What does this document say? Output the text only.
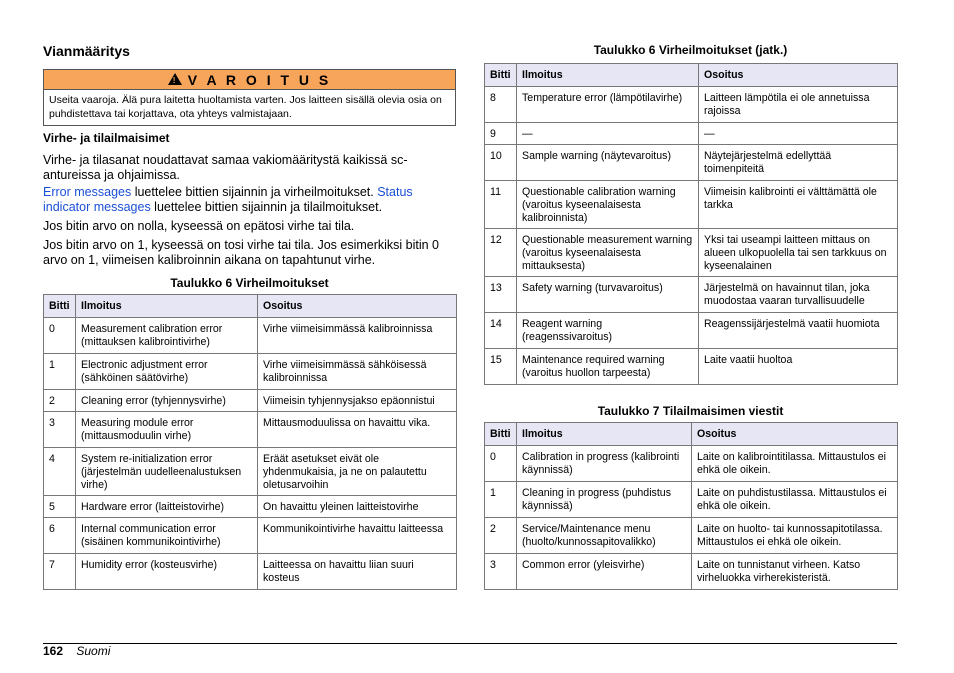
Vianmääritys
! V A R O I T U S
Useita vaaroja. Älä pura laitetta huoltamista varten. Jos laitteen sisällä olevia osia on puhdistettava tai korjattava, ota yhteys valmistajaan.
Virhe- ja tilailmaisimet
Virhe- ja tilasanat noudattavat samaa vakiomääritystä kaikissä sc-antureissa ja ohjaimissa.
Error messages luettelee bittien sijainnin ja virheilmoitukset. Status indicator messages luettelee bittien sijainnin ja tilailmoitukset.
Jos bitin arvo on nolla, kyseessä on epätosi virhe tai tila.
Jos bitin arvo on 1, kyseessä on tosi virhe tai tila. Jos esimerkiksi bitin 0 arvo on 1, viimeisen kalibroinnin aikana on tapahtunut virhe.
Taulukko 6 Virheilmoitukset
Bitti	Ilmoitus	Osoitus
0	Measurement calibration error (mittauksen kalibrointivirhe)	Virhe viimeisimmässä kalibroinnissa
1	Electronic adjustment error (sähköinen säätövirhe)	Virhe viimeisimmässä sähköisessä kalibroinnissa
2	Cleaning error (tyhjennysvirhe)	Viimeisin tyhjennysjakso epäonnistui
3	Measuring module error (mittausmoduulin virhe)	Mittausmoduulissa on havaittu vika.
4	System re-initialization error (järjestelmän uudelleenalustuksen virhe)	Eräät asetukset eivät ole yhdenmukaisia, ja ne on palautettu oletusarvoihin
5	Hardware error (laitteistovirhe)	On havaittu yleinen laitteistovirhe
6	Internal communication error (sisäinen kommunikointivirhe)	Kommunikointivirhe havaittu laitteessa
7	Humidity error (kosteusvirhe)	Laitteessa on havaittu liian suuri kosteus
Taulukko 6 Virheilmoitukset (jatk.)
Bitti	Ilmoitus	Osoitus
8	Temperature error (lämpötilavirhe)	Laitteen lämpötila ei ole annetuissa rajoissa
9	—	—
10	Sample warning (näytevaroitus)	Näytejärjestelmä edellyttää toimenpiteitä
11	Questionable calibration warning (varoitus kyseenalaisesta kalibroinnista)	Viimeisin kalibrointi ei välttämättä ole tarkka
12	Questionable measurement warning (varoitus kyseenalaisesta mittauksesta)	Yksi tai useampi laitteen mittaus on alueen ulkopuolella tai sen tarkkuus on kyseenalainen
13	Safety warning (turvavaroitus)	Järjestelmä on havainnut tilan, joka muodostaa vaaran turvallisuudelle
14	Reagent warning (reagenssivaroitus)	Reagenssijärjestelmä vaatii huomiota
15	Maintenance required warning (varoitus huollon tarpeesta)	Laite vaatii huoltoa
Taulukko 7 Tilailmaisimen viestit
Bitti	Ilmoitus	Osoitus
0	Calibration in progress (kalibrointi käynnissä)	Laite on kalibrointitilassa. Mittaustulos ei ehkä ole oikein.
1	Cleaning in progress (puhdistus käynnissä)	Laite on puhdistustilassa. Mittaustulos ei ehkä ole oikein.
2	Service/Maintenance menu (huolto/kunnossapitovalikko)	Laite on huolto- tai kunnossapitotilassa. Mittaustulos ei ehkä ole oikein.
3	Common error (yleisvirhe)	Laite on tunnistanut virheen. Katso virheluokka virherekisteristä.
162 Suomi
